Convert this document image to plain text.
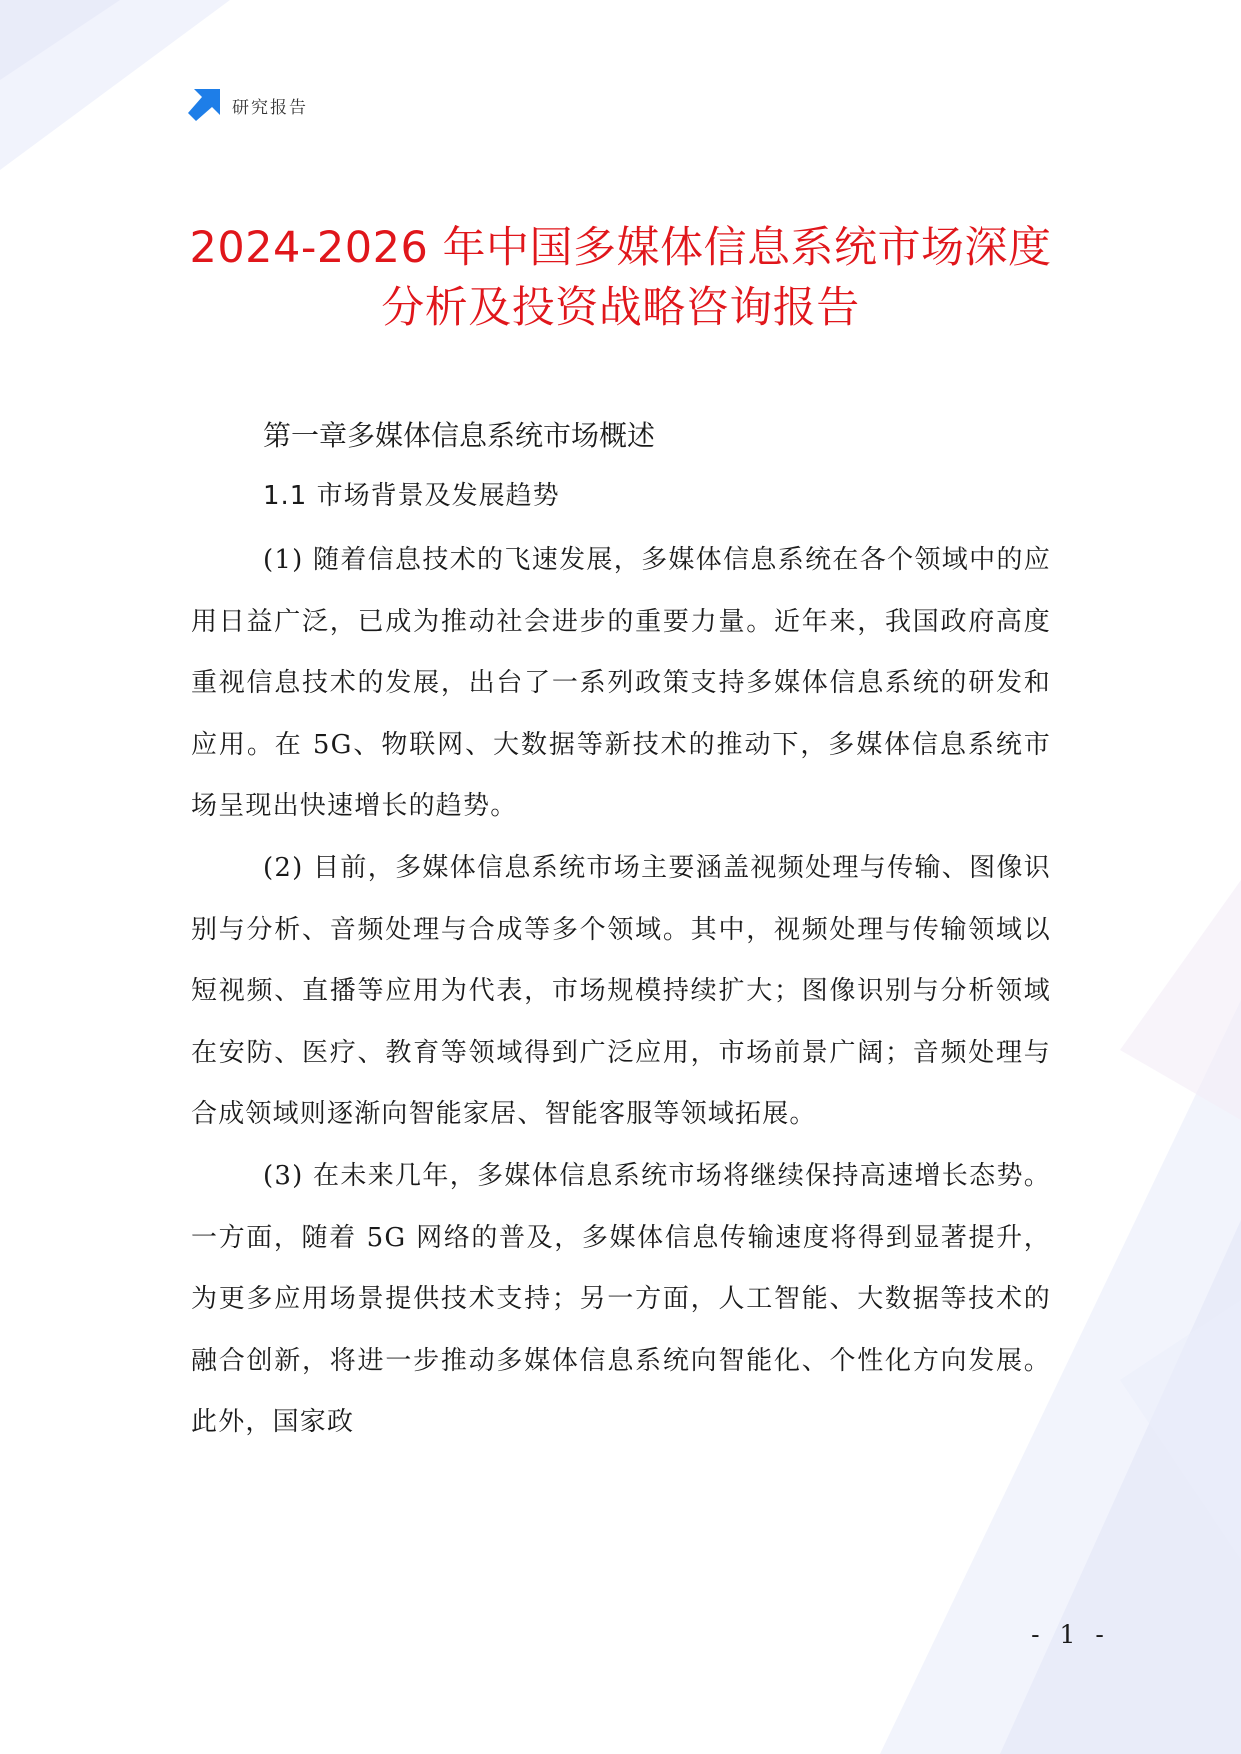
研究报告
2024-2026 年中国多媒体信息系统市场深度
分析及投资战略咨询报告
第一章多媒体信息系统市场概述
1.1 市场背景及发展趋势

(1) 随着信息技术的飞速发展，多媒体信息系统在各个领域中的应用日益广泛，已成为推动社会进步的重要力量。近年来，我国政府高度重视信息技术的发展，出台了一系列政策支持多媒体信息系统的研发和应用。在 5G、物联网、大数据等新技术的推动下，多媒体信息系统市场呈现出快速增长的趋势。

(2) 目前，多媒体信息系统市场主要涵盖视频处理与传输、图像识别与分析、音频处理与合成等多个领域。其中，视频处理与传输领域以短视频、直播等应用为代表，市场规模持续扩大；图像识别与分析领域在安防、医疗、教育等领域得到广泛应用，市场前景广阔；音频处理与合成领域则逐渐向智能家居、智能客服等领域拓展。

(3) 在未来几年，多媒体信息系统市场将继续保持高速增长态势。一方面，随着 5G 网络的普及，多媒体信息传输速度将得到显著提升，为更多应用场景提供技术支持；另一方面，人工智能、大数据等技术的融合创新，将进一步推动多媒体信息系统向智能化、个性化方向发展。此外，国家政

- 1 -
